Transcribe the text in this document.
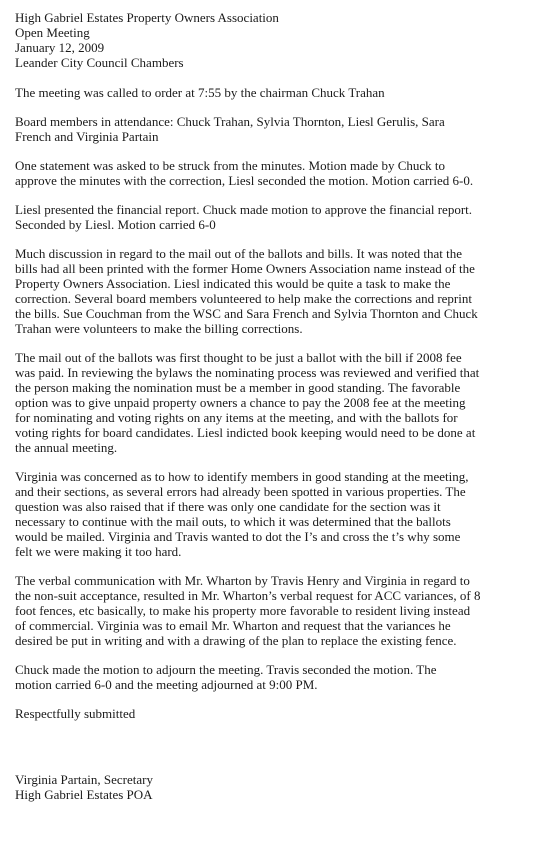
High Gabriel Estates Property Owners Association
Open Meeting
January 12, 2009
Leander City Council Chambers
The meeting was called to order at 7:55 by the chairman Chuck Trahan
Board members in attendance: Chuck Trahan, Sylvia Thornton, Liesl Gerulis, Sara
French and Virginia Partain
One statement was asked to be struck from the minutes. Motion made by Chuck to
approve the minutes with the correction, Liesl seconded the motion. Motion carried 6-0.
Liesl presented the financial report. Chuck made motion to approve the financial report.
Seconded by Liesl. Motion carried 6-0
Much discussion in regard to the mail out of the ballots and bills. It was noted that the
bills had all been printed with the former Home Owners Association name instead of the
Property Owners Association. Liesl indicated this would be quite a task to make the
correction. Several board members volunteered to help make the corrections and reprint
the bills. Sue Couchman from the WSC and Sara French and Sylvia Thornton and Chuck
Trahan were volunteers to make the billing corrections.
The mail out of the ballots was first thought to be just a ballot with the bill if 2008 fee
was paid. In reviewing the bylaws the nominating process was reviewed and verified that
the person making the nomination must be a member in good standing. The favorable
option was to give unpaid property owners a chance to pay the 2008 fee at the meeting
for nominating and voting rights on any items at the meeting, and with the ballots for
voting rights for board candidates. Liesl indicted book keeping would need to be done at
the annual meeting.
Virginia was concerned as to how to identify members in good standing at the meeting,
and their sections, as several errors had already been spotted in various properties. The
question was also raised that if there was only one candidate for the section was it
necessary to continue with the mail outs, to which it was determined that the ballots
would be mailed. Virginia and Travis wanted to dot the I’s and cross the t’s why some
felt we were making it too hard.
The verbal communication with Mr. Wharton by Travis Henry and Virginia in regard to
the non-suit acceptance, resulted in Mr. Wharton’s verbal request for ACC variances, of 8
foot fences, etc basically, to make his property more favorable to resident living instead
of commercial. Virginia was to email Mr. Wharton and request that the variances he
desired be put in writing and with a drawing of the plan to replace the existing fence.
Chuck made the motion to adjourn the meeting. Travis seconded the motion. The
motion carried 6-0 and the meeting adjourned at 9:00 PM.
Respectfully submitted
Virginia Partain, Secretary
High Gabriel Estates POA
